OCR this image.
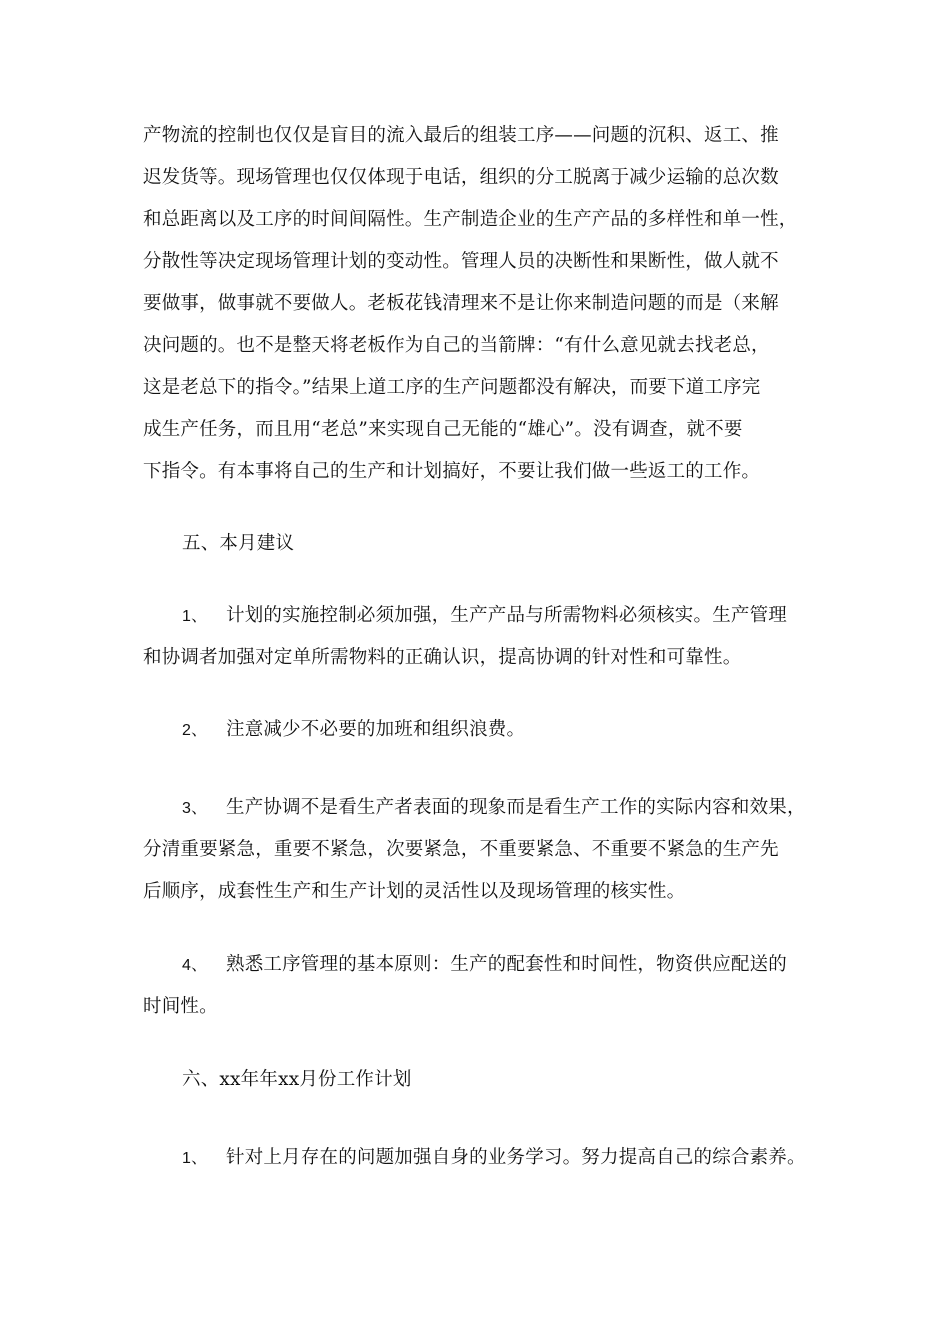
产物流的控制也仅仅是盲目的流入最后的组装工序——问题的沉积、返工、推
迟发货等。现场管理也仅仅体现于电话，组织的分工脱离于减少运输的总次数
和总距离以及工序的时间间隔性。生产制造企业的生产产品的多样性和单一性，
分散性等决定现场管理计划的变动性。管理人员的决断性和果断性，做人就不
要做事，做事就不要做人。老板花钱清理来不是让你来制造问题的而是（来解
决问题的。也不是整天将老板作为自己的当箭牌：“有什么意见就去找老总，
这是老总下的指令。”结果上道工序的生产问题都没有解决，而要下道工序完
成生产任务，而且用“老总”来实现自己无能的“雄心”。没有调查，就不要
下指令。有本事将自己的生产和计划搞好，不要让我们做一些返工的工作。
五、本月建议
1、 计划的实施控制必须加强，生产产品与所需物料必须核实。生产管理
和协调者加强对定单所需物料的正确认识，提高协调的针对性和可靠性。
2、 注意减少不必要的加班和组织浪费。
3、 生产协调不是看生产者表面的现象而是看生产工作的实际内容和效果，
分清重要紧急，重要不紧急，次要紧急，不重要紧急、不重要不紧急的生产先
后顺序，成套性生产和生产计划的灵活性以及现场管理的核实性。
4、 熟悉工序管理的基本原则：生产的配套性和时间性，物资供应配送的
时间性。
六、xx年年xx月份工作计划
1、 针对上月存在的问题加强自身的业务学习。努力提高自己的综合素养。
